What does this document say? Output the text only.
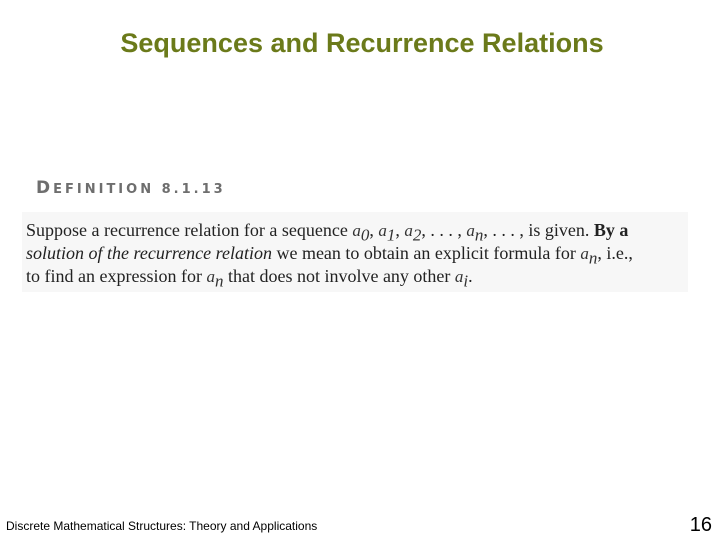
Sequences and Recurrence Relations
DEFINITION 8.1.13
Suppose a recurrence relation for a sequence $a_0$, $a_1$, $a_2$, . . . , $a_n$, . . . , is given. By a
solution of the recurrence relation we mean to obtain an explicit formula for $a_n$, i.e.,
to find an expression for $a_n$ that does not involve any other $a_i$.
Discrete Mathematical Structures: Theory and Applications	16
